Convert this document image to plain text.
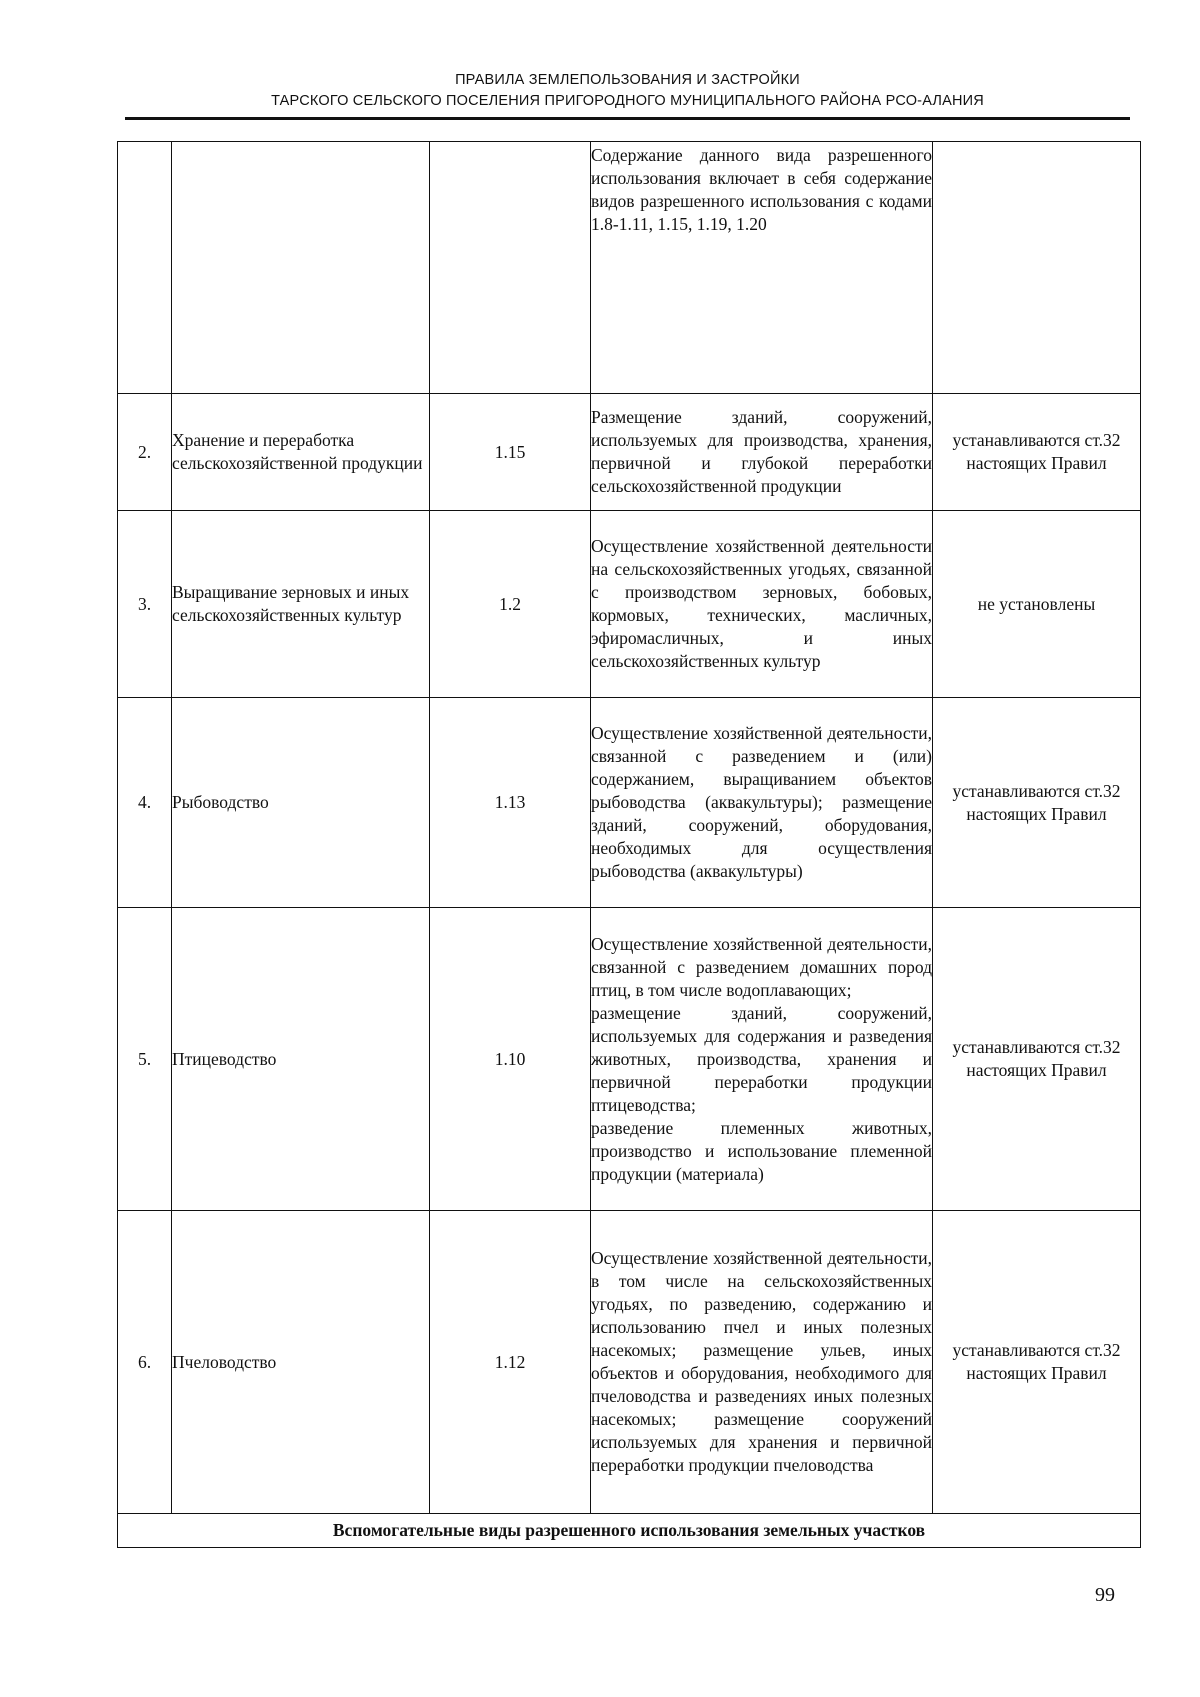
ПРАВИЛА ЗЕМЛЕПОЛЬЗОВАНИЯ И ЗАСТРОЙКИ
ТАРСКОГО СЕЛЬСКОГО ПОСЕЛЕНИЯ ПРИГОРОДНОГО МУНИЦИПАЛЬНОГО РАЙОНА РСО-АЛАНИЯ
			Содержание данного вида разрешенного использования включает в себя содержание видов разрешенного использования с кодами 1.8-1.11, 1.15, 1.19, 1.20	
2.	Хранение и переработка сельскохозяйственной продукции	1.15	Размещение зданий, сооружений, используемых для производства, хранения, первичной и глубокой переработки сельскохозяйственной продукции	устанавливаются ст.32 настоящих Правил
3.	Выращивание зерновых и иных сельскохозяйственных культур	1.2	Осуществление хозяйственной деятельности на сельскохозяйственных угодьях, связанной с производством зерновых, бобовых, кормовых, технических, масличных, эфиромасличных, и иных сельскохозяйственных культур	не установлены
4.	Рыбоводство	1.13	Осуществление хозяйственной деятельности, связанной с разведением и (или) содержанием, выращиванием объектов рыбоводства (аквакультуры); размещение зданий, сооружений, оборудования, необходимых для осуществления рыбоводства (аквакультуры)	устанавливаются ст.32 настоящих Правил
5.	Птицеводство	1.10	Осуществление хозяйственной деятельности, связанной с разведением домашних пород птиц, в том числе водоплавающих;
размещение зданий, сооружений, используемых для содержания и разведения животных, производства, хранения и первичной переработки продукции птицеводства;
разведение племенных животных, производство и использование племенной продукции (материала)	устанавливаются ст.32 настоящих Правил
6.	Пчеловодство	1.12	Осуществление хозяйственной деятельности, в том числе на сельскохозяйственных угодьях, по разведению, содержанию и использованию пчел и иных полезных насекомых; размещение ульев, иных объектов и оборудования, необходимого для пчеловодства и разведениях иных полезных насекомых; размещение сооружений используемых для хранения и первичной переработки продукции пчеловодства	устанавливаются ст.32 настоящих Правил
Вспомогательные виды разрешенного использования земельных участков				
99
